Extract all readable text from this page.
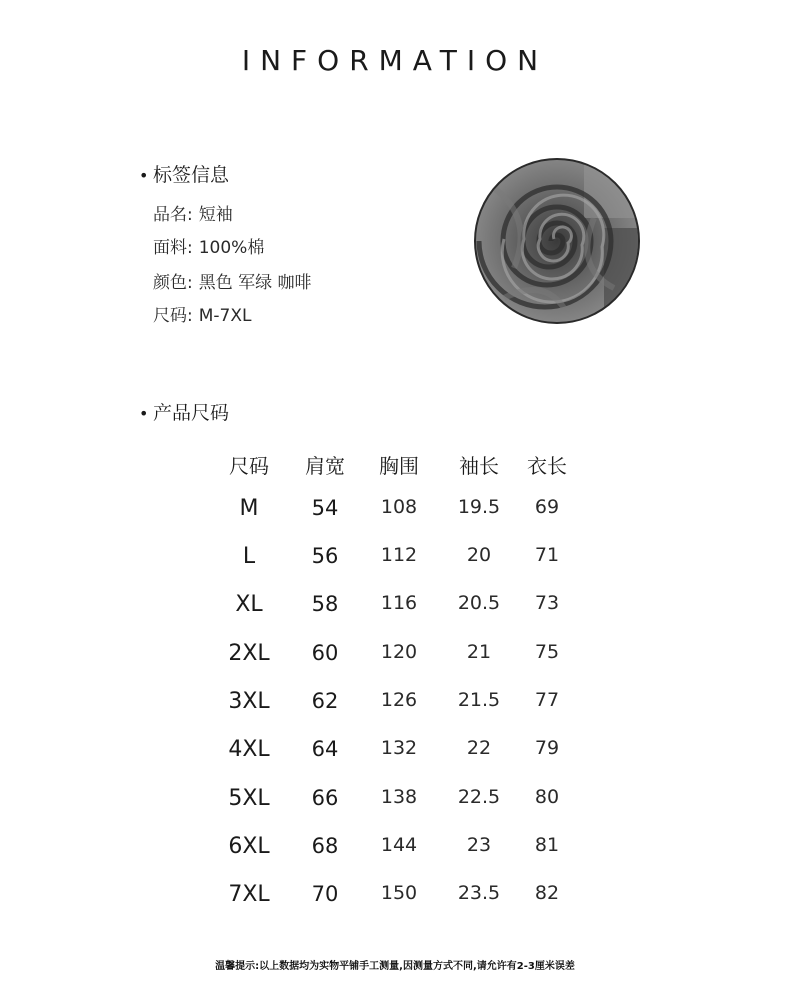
INFORMATION
• 标签信息
品名: 短袖
面料: 100%棉
颜色: 黑色 军绿 咖啡
尺码: M-7XL
• 产品尺码
尺码	肩宽	胸围	袖长	衣长
M	54	108	19.5	69
L	56	112	20	71
XL	58	116	20.5	73
2XL	60	120	21	75
3XL	62	126	21.5	77
4XL	64	132	22	79
5XL	66	138	22.5	80
6XL	68	144	23	81
7XL	70	150	23.5	82
温馨提示:以上数据均为实物平铺手工测量,因测量方式不同,请允许有2-3厘米误差
